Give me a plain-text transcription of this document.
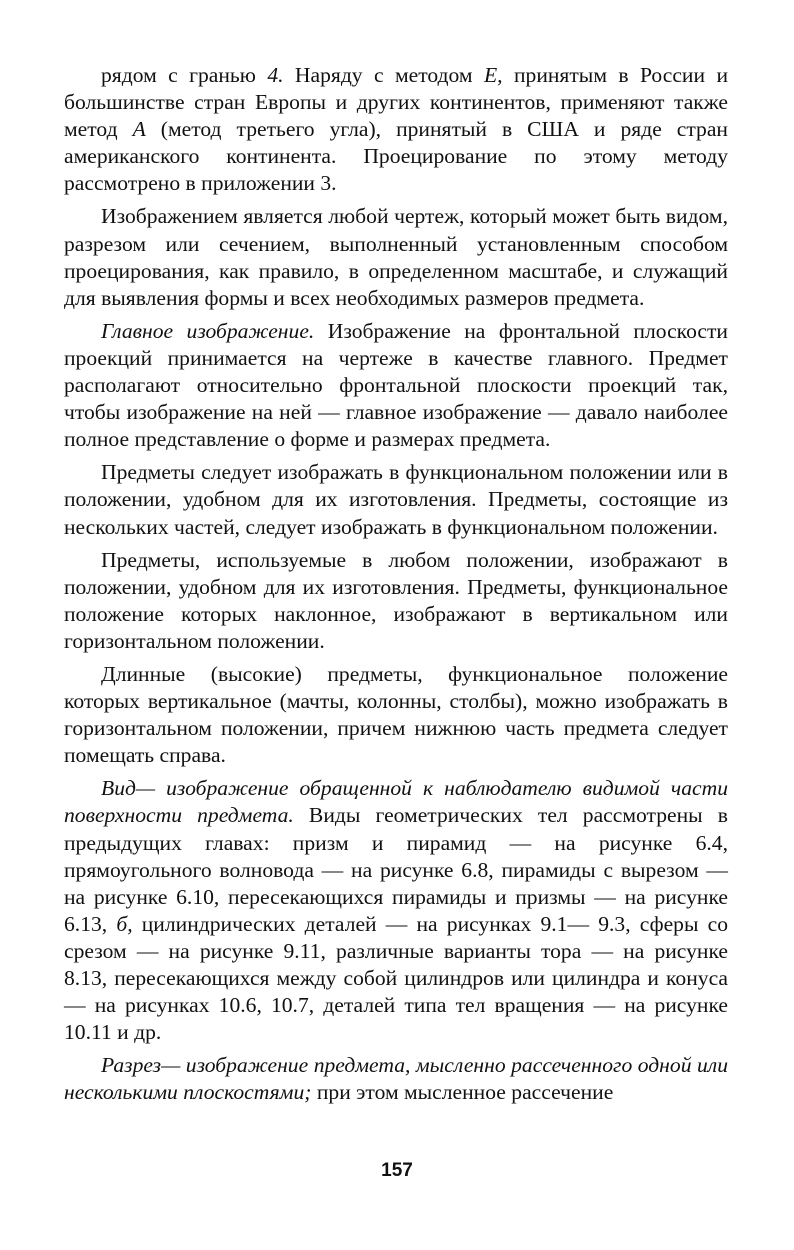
рядом с гранью 4. Наряду с методом Е, принятым в России и большинстве стран Европы и других континентов, применяют также метод А (метод третьего угла), принятый в США и ряде стран американского континента. Проецирование по этому методу рассмотрено в приложении 3.

Изображением является любой чертеж, который может быть видом, разрезом или сечением, выполненный установленным способом проецирования, как правило, в определенном масштабе, и служащий для выявления формы и всех необходимых размеров предмета.

Главное изображение. Изображение на фронтальной плоскости проекций принимается на чертеже в качестве главного. Предмет располагают относительно фронтальной плоскости проекций так, чтобы изображение на ней — главное изображение — давало наиболее полное представление о форме и размерах предмета.

Предметы следует изображать в функциональном положении или в положении, удобном для их изготовления. Предметы, состоящие из нескольких частей, следует изображать в функциональном положении.

Предметы, используемые в любом положении, изображают в положении, удобном для их изготовления. Предметы, функциональное положение которых наклонное, изображают в вертикальном или горизонтальном положении.

Длинные (высокие) предметы, функциональное положение которых вертикальное (мачты, колонны, столбы), можно изображать в горизонтальном положении, причем нижнюю часть предмета следует помещать справа.

Вид— изображение обращенной к наблюдателю видимой части поверхности предмета. Виды геометрических тел рассмотрены в предыдущих главах: призм и пирамид — на рисунке 6.4, прямоугольного волновода — на рисунке 6.8, пирамиды с вырезом — на рисунке 6.10, пересекающихся пирамиды и призмы — на рисунке 6.13, б, цилиндрических деталей — на рисунках 9.1— 9.3, сферы со срезом — на рисунке 9.11, различные варианты тора — на рисунке 8.13, пересекающихся между собой цилиндров или цилиндра и конуса — на рисунках 10.6, 10.7, деталей типа тел вращения — на рисунке 10.11 и др.

Разрез— изображение предмета, мысленно рассеченного одной или несколькими плоскостями; при этом мысленное рассечение

157
